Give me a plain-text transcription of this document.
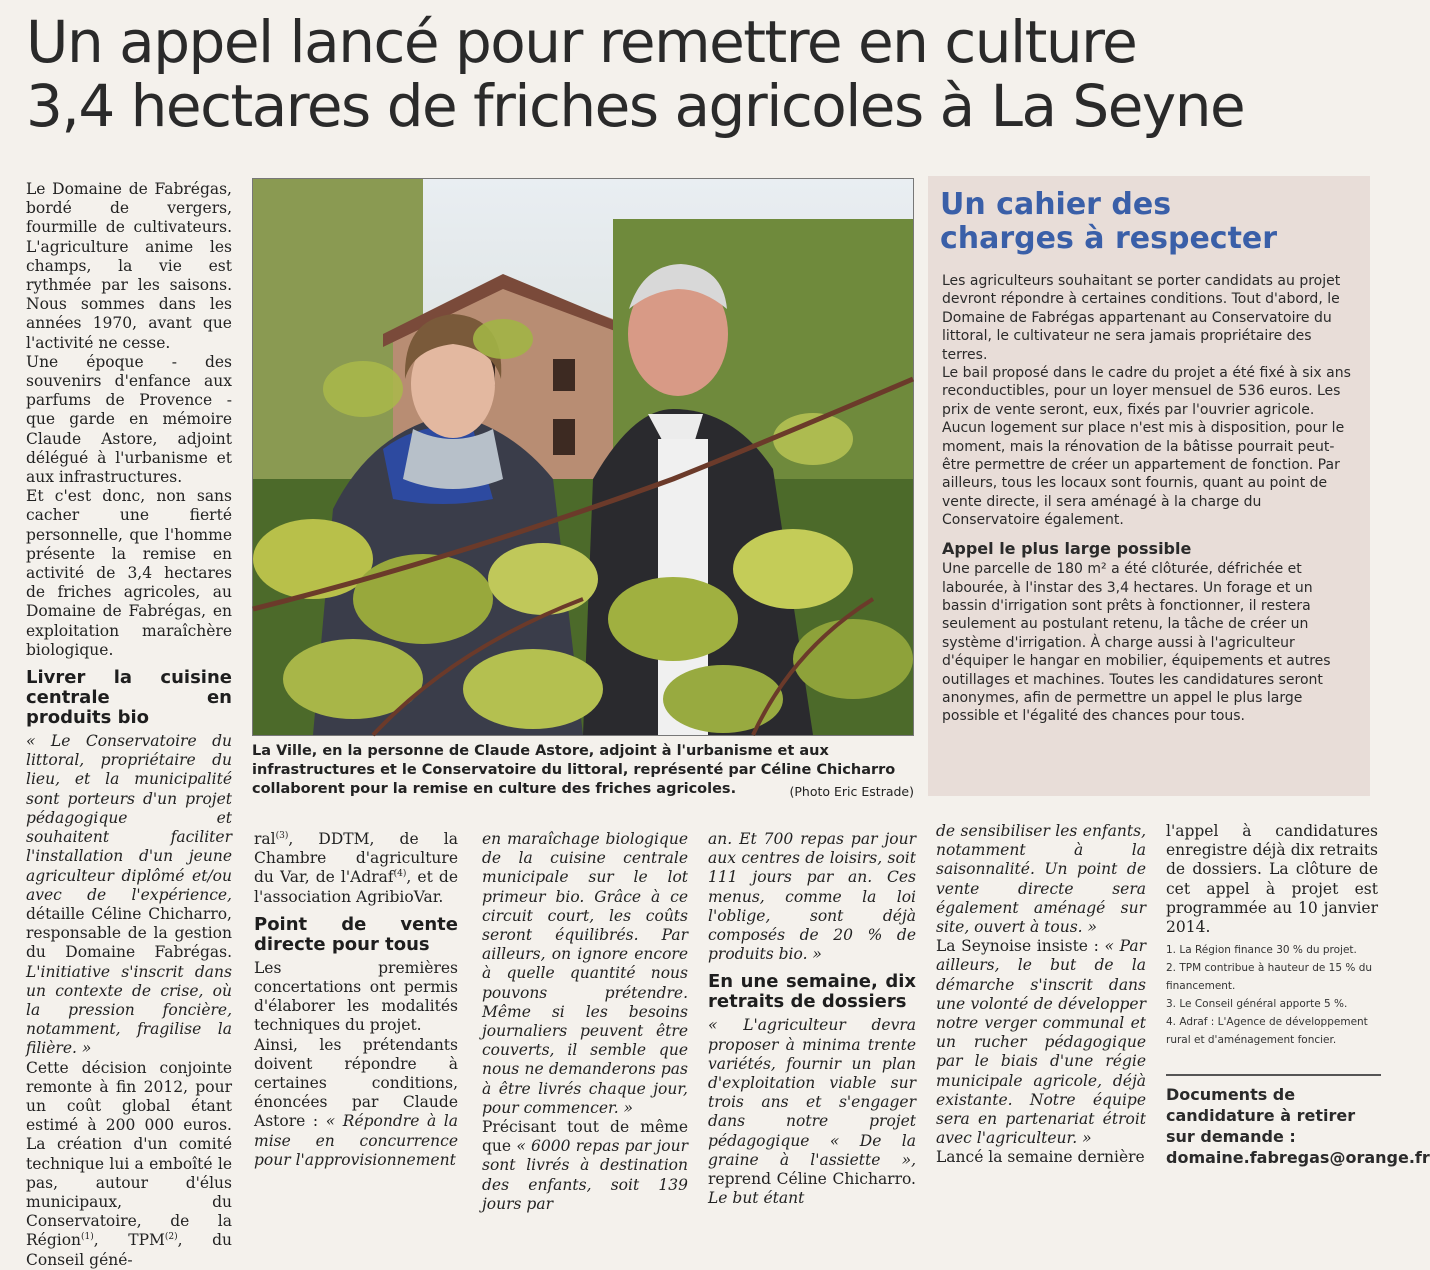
Un appel lancé pour remettre en culture
3,4 hectares de friches agricoles à La Seyne

Le Domaine de Fabrégas, bordé de vergers, fourmille de cultivateurs. L'agriculture anime les champs, la vie est rythmée par les saisons. Nous sommes dans les années 1970, avant que l'activité ne cesse.

Une époque - des souvenirs d'enfance aux parfums de Provence - que garde en mémoire Claude Astore, adjoint délégué à l'urbanisme et aux infrastructures.

Et c'est donc, non sans cacher une fierté personnelle, que l'homme présente la remise en activité de 3,4 hectares de friches agricoles, au Domaine de Fabrégas, en exploitation maraîchère biologique.

Livrer la cuisine centrale en produits bio

« Le Conservatoire du littoral, propriétaire du lieu, et la municipalité sont porteurs d'un projet pédagogique et souhaitent faciliter l'installation d'un jeune agriculteur diplômé et/ou avec de l'expérience, détaille Céline Chicharro, responsable de la gestion du Domaine Fabrégas. L'initiative s'inscrit dans un contexte de crise, où la pression foncière, notamment, fragilise la filière. »

Cette décision conjointe remonte à fin 2012, pour un coût global étant estimé à 200 000 euros. La création d'un comité technique lui a emboîté le pas, autour d'élus municipaux, du Conservatoire, de la Région$^{(1)}$, TPM$^{(2)}$, du Conseil géné-

La Ville, en la personne de Claude Astore, adjoint à l'urbanisme et aux infrastructures et le Conservatoire du littoral, représenté par Céline Chicharro collaborent pour la remise en culture des friches agricoles.	(Photo Eric Estrade)

ral$^{(3)}$, DDTM, de la Chambre d'agriculture du Var, de l'Adraf$^{(4)}$, et de l'association AgribioVar.

Point de vente directe pour tous

Les premières concertations ont permis d'élaborer les modalités techniques du projet.

Ainsi, les prétendants doivent répondre à certaines conditions, énoncées par Claude Astore : « Répondre à la mise en concurrence pour l'approvisionnement

en maraîchage biologique de la cuisine centrale municipale sur le lot primeur bio. Grâce à ce circuit court, les coûts seront équilibrés. Par ailleurs, on ignore encore à quelle quantité nous pouvons prétendre. Même si les besoins journaliers peuvent être couverts, il semble que nous ne demanderons pas à être livrés chaque jour, pour commencer. »

Précisant tout de même que « 6000 repas par jour sont livrés à destination des enfants, soit 139 jours par

an. Et 700 repas par jour aux centres de loisirs, soit 111 jours par an. Ces menus, comme la loi l'oblige, sont déjà composés de 20 % de produits bio. »

En une semaine, dix retraits de dossiers

« L'agriculteur devra proposer à minima trente variétés, fournir un plan d'exploitation viable sur trois ans et s'engager dans notre projet pédagogique « De la graine à l'assiette », reprend Céline Chicharro. Le but étant

Un cahier des
charges à respecter

Les agriculteurs souhaitant se porter candidats au projet devront répondre à certaines conditions. Tout d'abord, le Domaine de Fabrégas appartenant au Conservatoire du littoral, le cultivateur ne sera jamais propriétaire des terres.

Le bail proposé dans le cadre du projet a été fixé à six ans reconductibles, pour un loyer mensuel de 536 euros. Les prix de vente seront, eux, fixés par l'ouvrier agricole. Aucun logement sur place n'est mis à disposition, pour le moment, mais la rénovation de la bâtisse pourrait peut-être permettre de créer un appartement de fonction. Par ailleurs, tous les locaux sont fournis, quant au point de vente directe, il sera aménagé à la charge du Conservatoire également.

Appel le plus large possible

Une parcelle de 180 m² a été clôturée, défrichée et labourée, à l'instar des 3,4 hectares. Un forage et un bassin d'irrigation sont prêts à fonctionner, il restera seulement au postulant retenu, la tâche de créer un système d'irrigation. À charge aussi à l'agriculteur d'équiper le hangar en mobilier, équipements et autres outillages et machines. Toutes les candidatures seront anonymes, afin de permettre un appel le plus large possible et l'égalité des chances pour tous.

de sensibiliser les enfants, notamment à la saisonnalité. Un point de vente directe sera également aménagé sur site, ouvert à tous. »

La Seynoise insiste : « Par ailleurs, le but de la démarche s'inscrit dans une volonté de développer notre verger communal et un rucher pédagogique par le biais d'une régie municipale agricole, déjà existante. Notre équipe sera en partenariat étroit avec l'agriculteur. »

Lancé la semaine dernière

l'appel à candidatures enregistre déjà dix retraits de dossiers. La clôture de cet appel à projet est programmée au 10 janvier 2014.

1. La Région finance 30 % du projet.
2. TPM contribue à hauteur de 15 % du financement.
3. Le Conseil général apporte 5 %.
4. Adraf : L'Agence de développement rural et d'aménagement foncier.
Documents de candidature à retirer sur demande : domaine.fabregas@orange.fr
